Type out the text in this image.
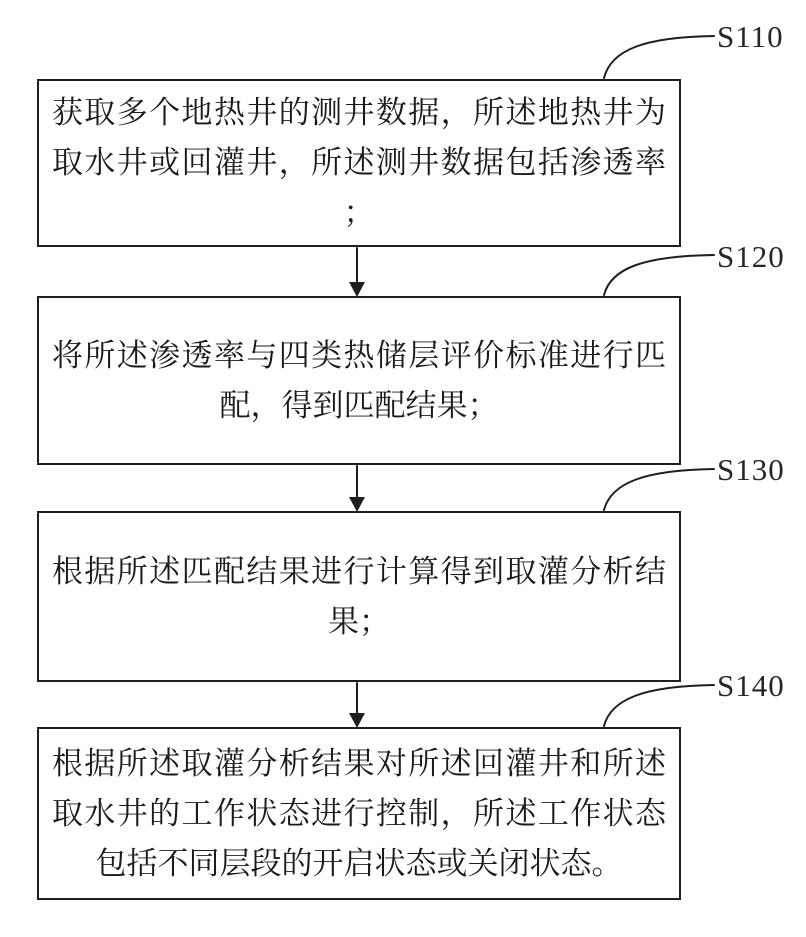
获取多个地热井的测井数据，所述地热井为
取水井或回灌井，所述测井数据包括渗透率
；
将所述渗透率与四类热储层评价标准进行匹
配，得到匹配结果；
根据所述匹配结果进行计算得到取灌分析结
果；
根据所述取灌分析结果对所述回灌井和所述
取水井的工作状态进行控制，所述工作状态
包括不同层段的开启状态或关闭状态。
S110
S120
S130
S140
